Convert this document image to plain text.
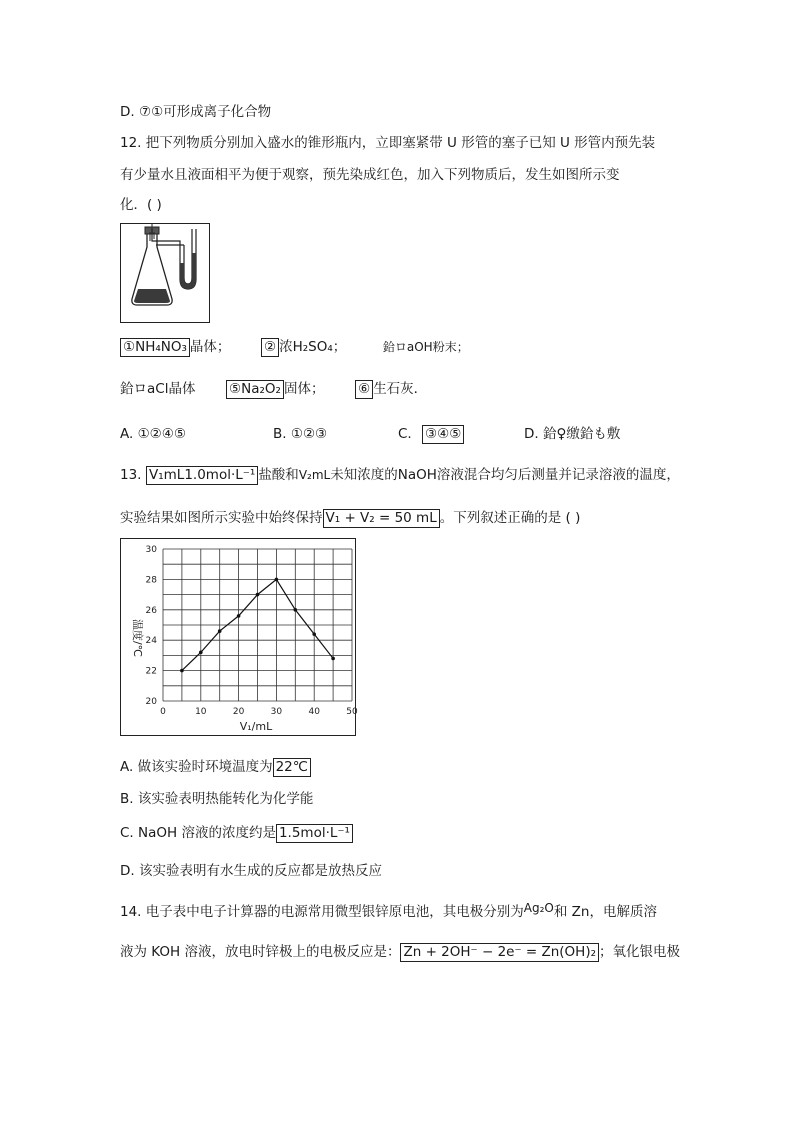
D. ⑦①可形成离子化合物
12. 把下列物质分别加入盛水的锥形瓶内，立即塞紧带 U 形管的塞子已知 U 形管内预先装
有少量水且液面相平为便于观察，预先染成红色，加入下列物质后，发生如图所示变
化．( )
①NH₄NO₃ 晶体； ② 浓H₂SO₄；	鉿ロaOH粉末；
鉿ロaCl晶体 ⑤Na₂O₂ 固体； ⑥ 生石灰．
A. ①②④⑤	B. ①②③	C. ③④⑤	D. 鉿♀缴鉿も敷
13. V₁mL1.0mol·L⁻¹ 盐酸和V₂mL未知浓度的NaOH溶液混合均匀后测量并记录溶液的温度，
实验结果如图所示实验中始终保持 V₁ + V₂ = 50 mL 。下列叙述正确的是 ( )
0	10	20	30	40	50
20
22
24
26
28
30
温度/℃
V₁/mL
A. 做该实验时环境温度为 22℃
B. 该实验表明热能转化为化学能
C. NaOH 溶液的浓度约是 1.5mol·L⁻¹
D. 该实验表明有水生成的反应都是放热反应
14. 电子表中电子计算器的电源常用微型银锌原电池，其电极分别为Ag₂O和 Zn，电解质溶
液为 KOH 溶液，放电时锌极上的电极反应是： Zn + 2OH⁻ − 2e⁻ = Zn(OH)₂ ；氧化银电极
